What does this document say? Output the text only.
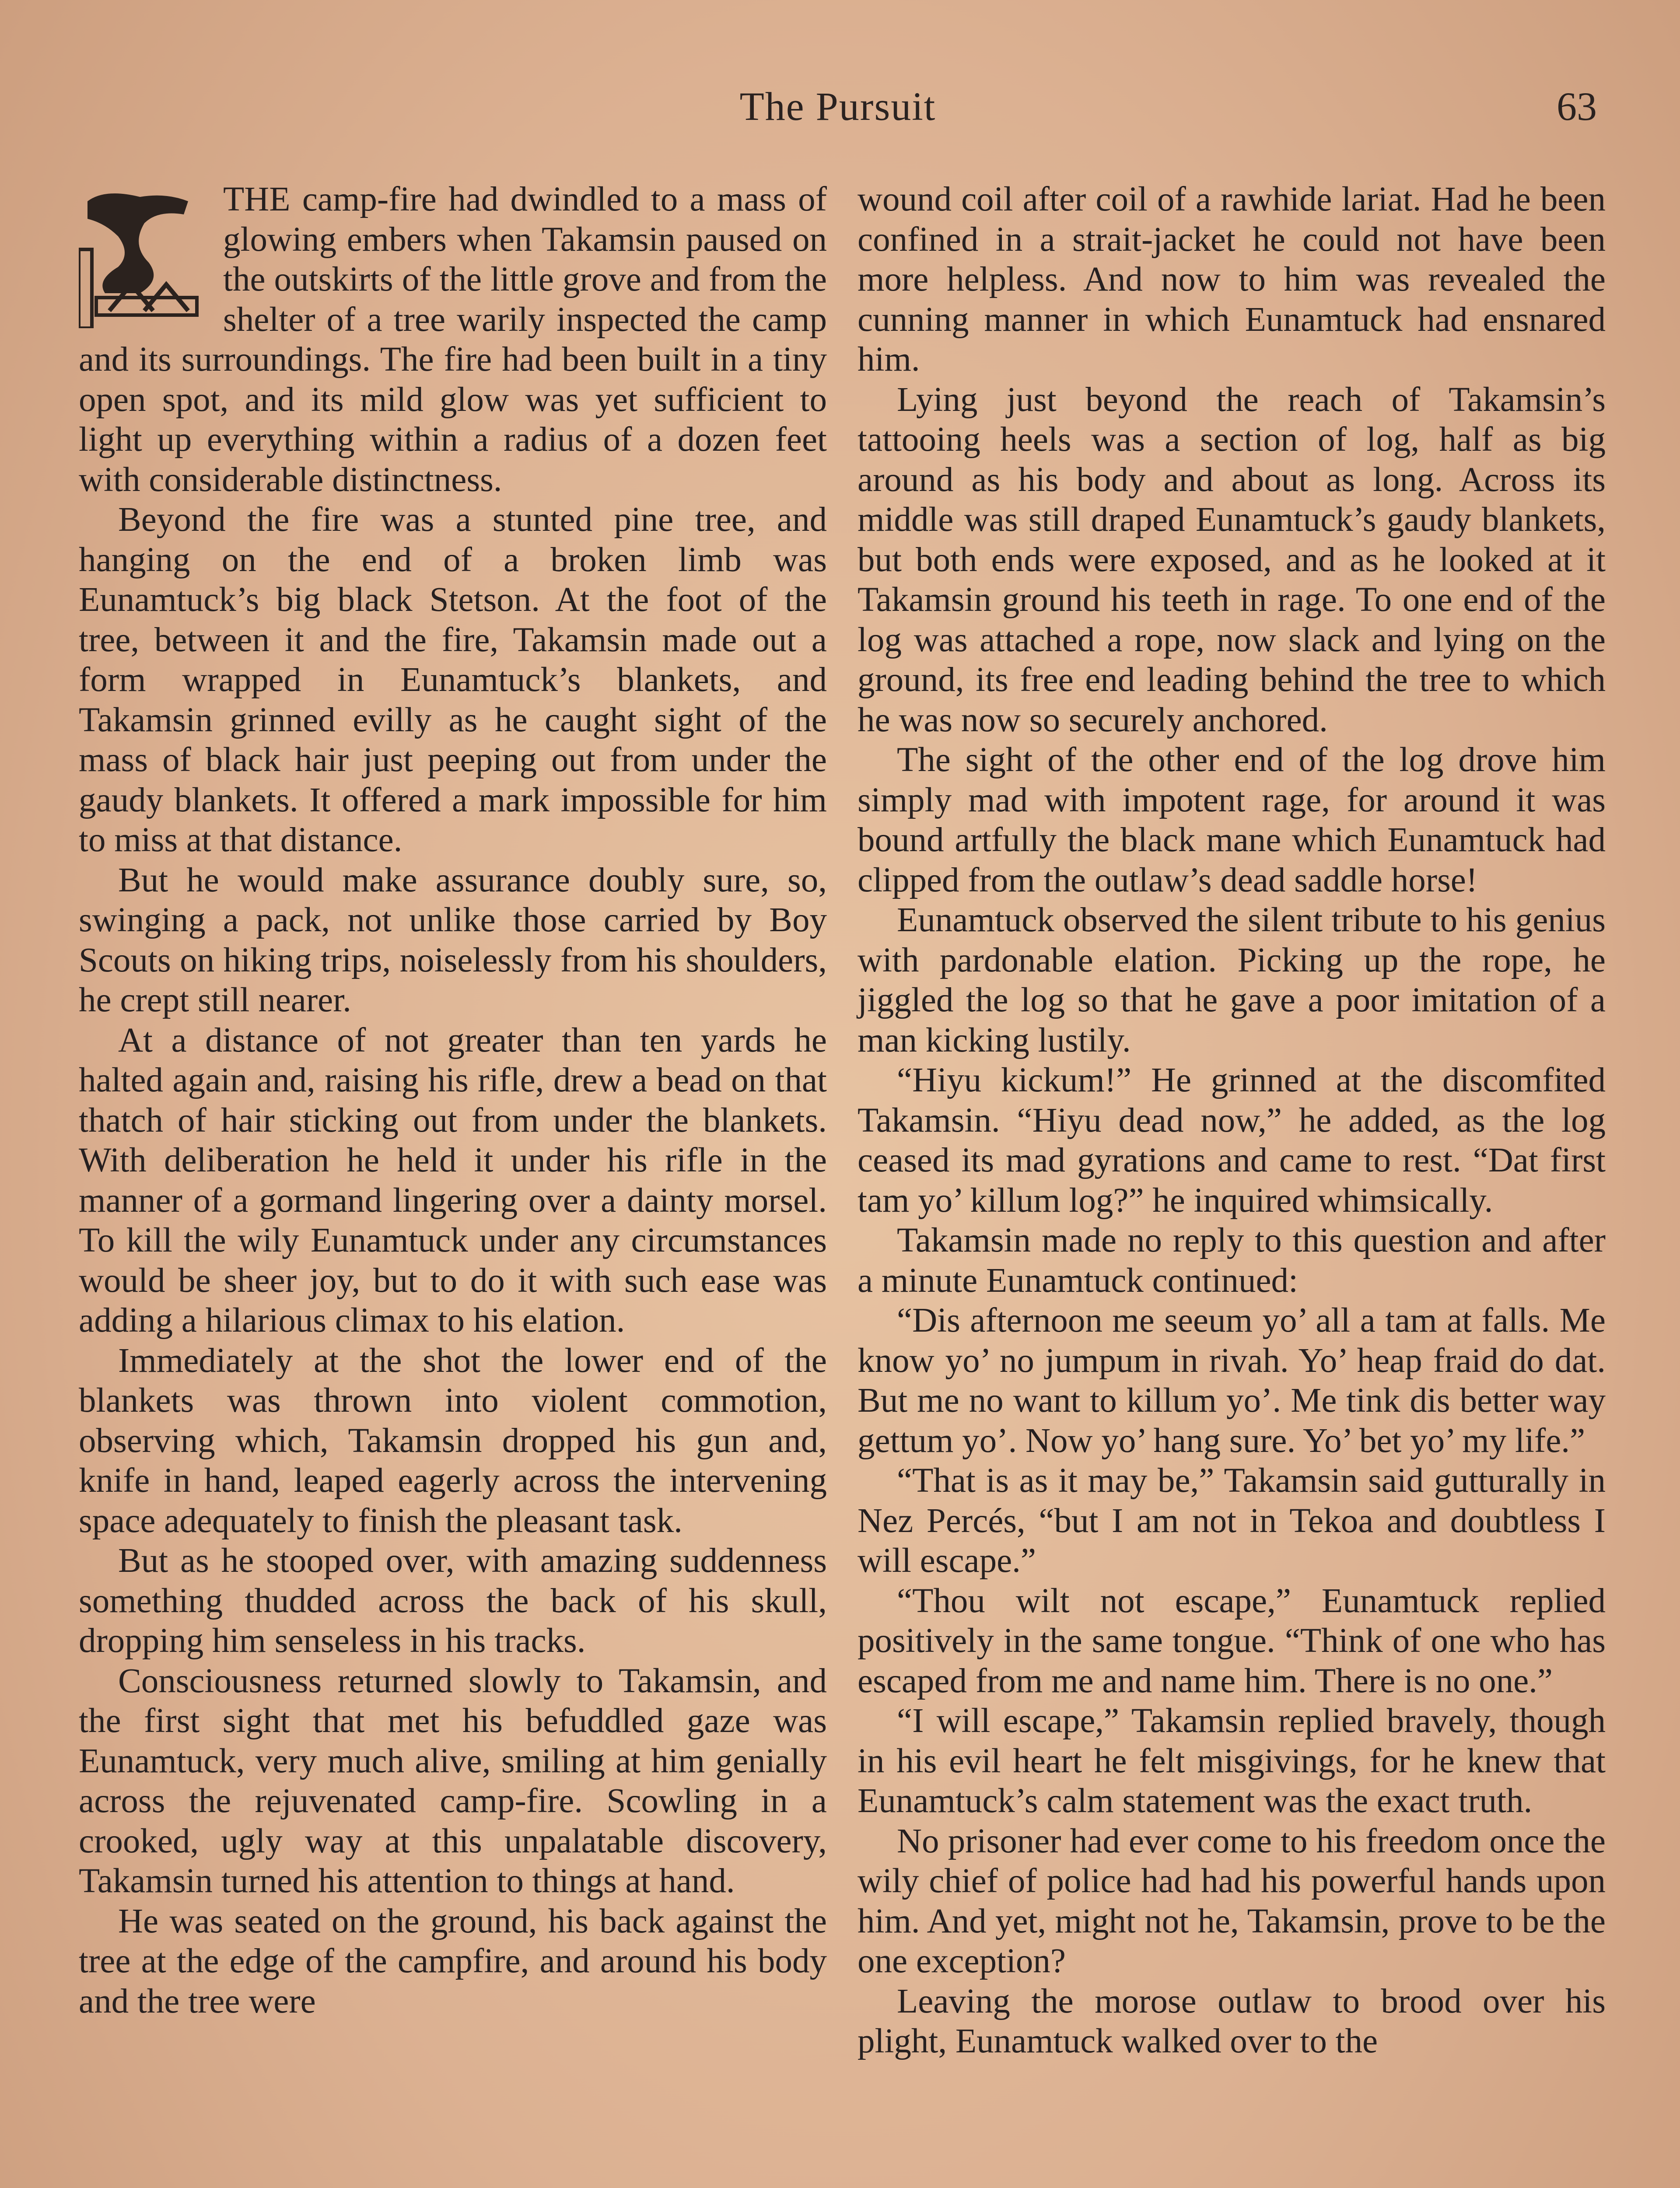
The Pursuit	63

THE camp-fire had dwindled to a mass of glowing embers when Takamsin paused on the outskirts of the little grove and from the shelter of a tree warily inspected the camp and its surroundings. The fire had been built in a tiny open spot, and its mild glow was yet sufficient to light up everything within a radius of a dozen feet with considerable distinctness.

Beyond the fire was a stunted pine tree, and hanging on the end of a broken limb was Eunamtuck’s big black Stetson. At the foot of the tree, between it and the fire, Takamsin made out a form wrapped in Eunamtuck’s blankets, and Takamsin grinned evilly as he caught sight of the mass of black hair just peeping out from under the gaudy blankets. It offered a mark impossible for him to miss at that distance.

But he would make assurance doubly sure, so, swinging a pack, not unlike those carried by Boy Scouts on hiking trips, noiselessly from his shoulders, he crept still nearer.

At a distance of not greater than ten yards he halted again and, raising his rifle, drew a bead on that thatch of hair sticking out from under the blankets. With deliberation he held it under his rifle in the manner of a gormand lingering over a dainty morsel. To kill the wily Eunamtuck under any circumstances would be sheer joy, but to do it with such ease was adding a hilarious climax to his elation.

Immediately at the shot the lower end of the blankets was thrown into violent commotion, observing which, Takamsin dropped his gun and, knife in hand, leaped eagerly across the intervening space adequately to finish the pleasant task.

But as he stooped over, with amazing suddenness something thudded across the back of his skull, dropping him senseless in his tracks.

Consciousness returned slowly to Takamsin, and the first sight that met his befuddled gaze was Eunamtuck, very much alive, smiling at him genially across the rejuvenated camp-fire. Scowling in a crooked, ugly way at this unpalatable discovery, Takamsin turned his attention to things at hand.

He was seated on the ground, his back against the tree at the edge of the campfire, and around his body and the tree were

wound coil after coil of a rawhide lariat. Had he been confined in a strait-jacket he could not have been more helpless. And now to him was revealed the cunning manner in which Eunamtuck had ensnared him.

Lying just beyond the reach of Takamsin’s tattooing heels was a section of log, half as big around as his body and about as long. Across its middle was still draped Eunamtuck’s gaudy blankets, but both ends were exposed, and as he looked at it Takamsin ground his teeth in rage. To one end of the log was attached a rope, now slack and lying on the ground, its free end leading behind the tree to which he was now so securely anchored.

The sight of the other end of the log drove him simply mad with impotent rage, for around it was bound artfully the black mane which Eunamtuck had clipped from the outlaw’s dead saddle horse!

Eunamtuck observed the silent tribute to his genius with pardonable elation. Picking up the rope, he jiggled the log so that he gave a poor imitation of a man kicking lustily.

“Hiyu kickum!” He grinned at the discomfited Takamsin. “Hiyu dead now,” he added, as the log ceased its mad gyrations and came to rest. “Dat first tam yo’ killum log?” he inquired whimsically.

Takamsin made no reply to this question and after a minute Eunamtuck continued:

“Dis afternoon me seeum yo’ all a tam at falls. Me know yo’ no jumpum in rivah. Yo’ heap fraid do dat. But me no want to killum yo’. Me tink dis better way gettum yo’. Now yo’ hang sure. Yo’ bet yo’ my life.”

“That is as it may be,” Takamsin said gutturally in Nez Percés, “but I am not in Tekoa and doubtless I will escape.”

“Thou wilt not escape,” Eunamtuck replied positively in the same tongue. “Think of one who has escaped from me and name him. There is no one.”

“I will escape,” Takamsin replied bravely, though in his evil heart he felt misgivings, for he knew that Eunamtuck’s calm statement was the exact truth.

No prisoner had ever come to his freedom once the wily chief of police had had his powerful hands upon him. And yet, might not he, Takamsin, prove to be the one exception?

Leaving the morose outlaw to brood over his plight, Eunamtuck walked over to the
